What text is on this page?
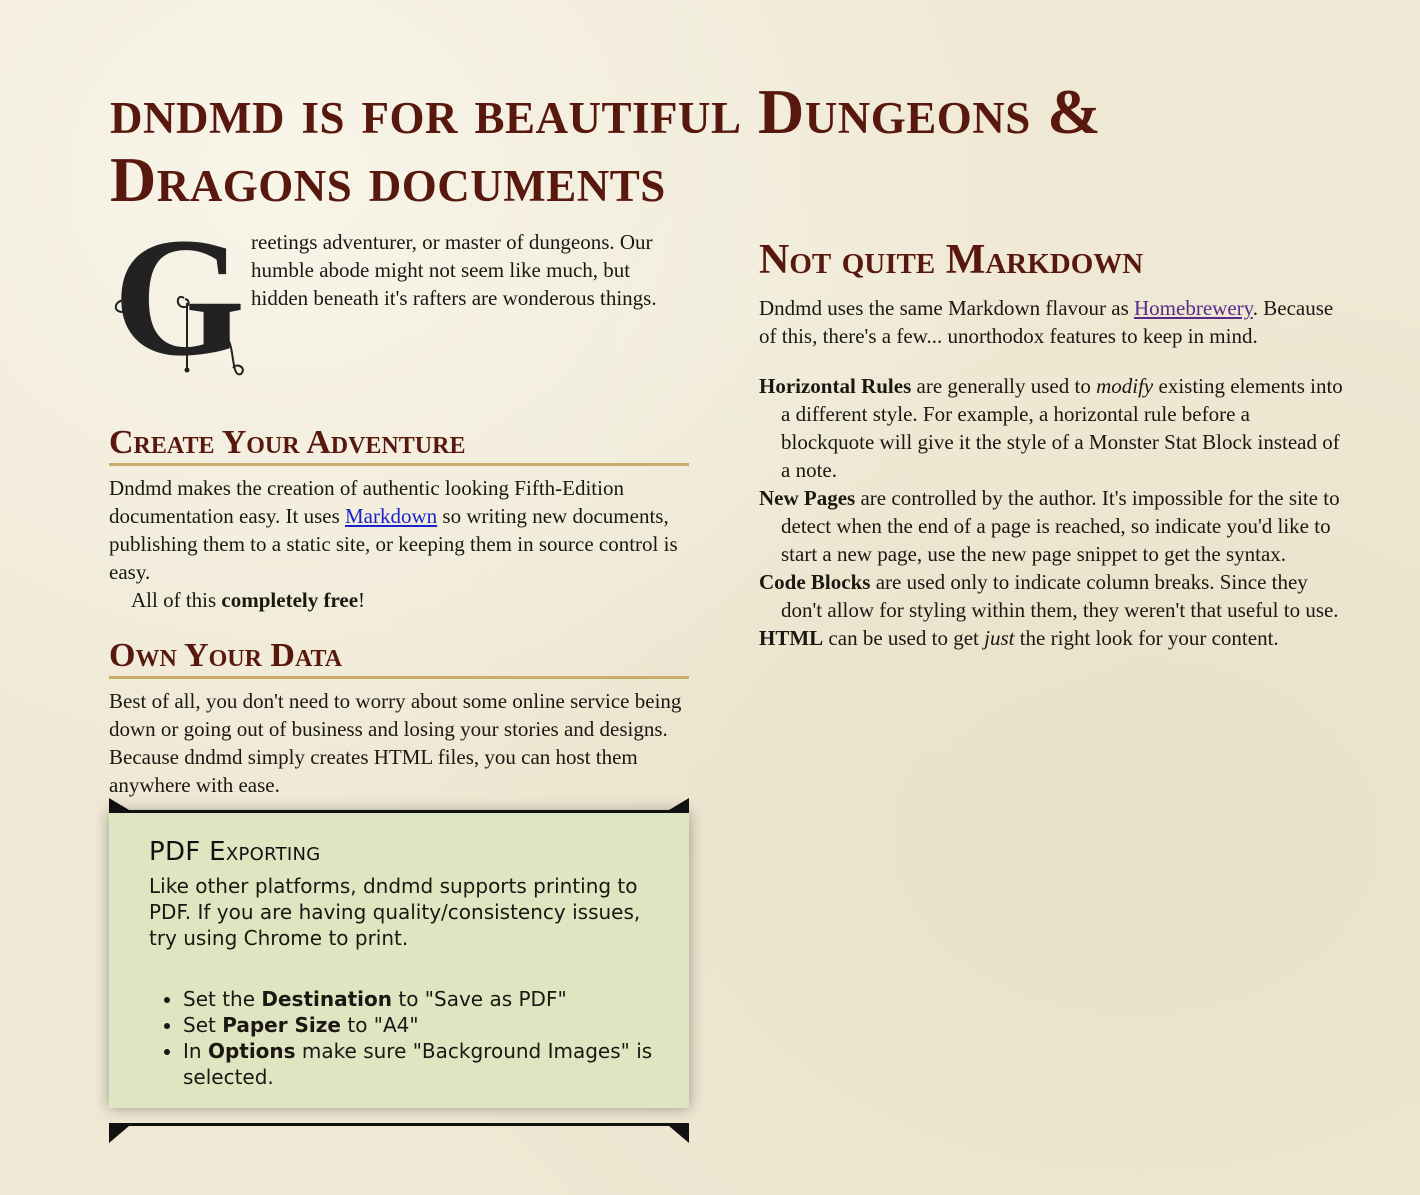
dndmd is for beautiful Dungeons & Dragons documents
G reetings adventurer, or master of dungeons. Our humble abode might not seem like much, but hidden beneath it's rafters are wonderous things.
Create Your Adventure

Dndmd makes the creation of authentic looking Fifth-Edition documentation easy. It uses Markdown so writing new documents, publishing them to a static site, or keeping them in source control is easy.

All of this completely free!

Own Your Data

Best of all, you don't need to worry about some online service being down or going out of business and losing your stories and designs. Because dndmd simply creates HTML files, you can host them anywhere with ease.

PDF Exporting
Like other platforms, dndmd supports printing to PDF. If you are having quality/consistency issues, try using Chrome to print.
• Set the Destination to "Save as PDF"
• Set Paper Size to "A4"
• In Options make sure "Background Images" is selected.
Not quite Markdown

Dndmd uses the same Markdown flavour as Homebrewery. Because of this, there's a few... unorthodox features to keep in mind.

Horizontal Rules are generally used to modify existing elements into a different style. For example, a horizontal rule before a blockquote will give it the style of a Monster Stat Block instead of a note.

New Pages are controlled by the author. It's impossible for the site to detect when the end of a page is reached, so indicate you'd like to start a new page, use the new page snippet to get the syntax.

Code Blocks are used only to indicate column breaks. Since they don't allow for styling within them, they weren't that useful to use.

HTML can be used to get just the right look for your content.
